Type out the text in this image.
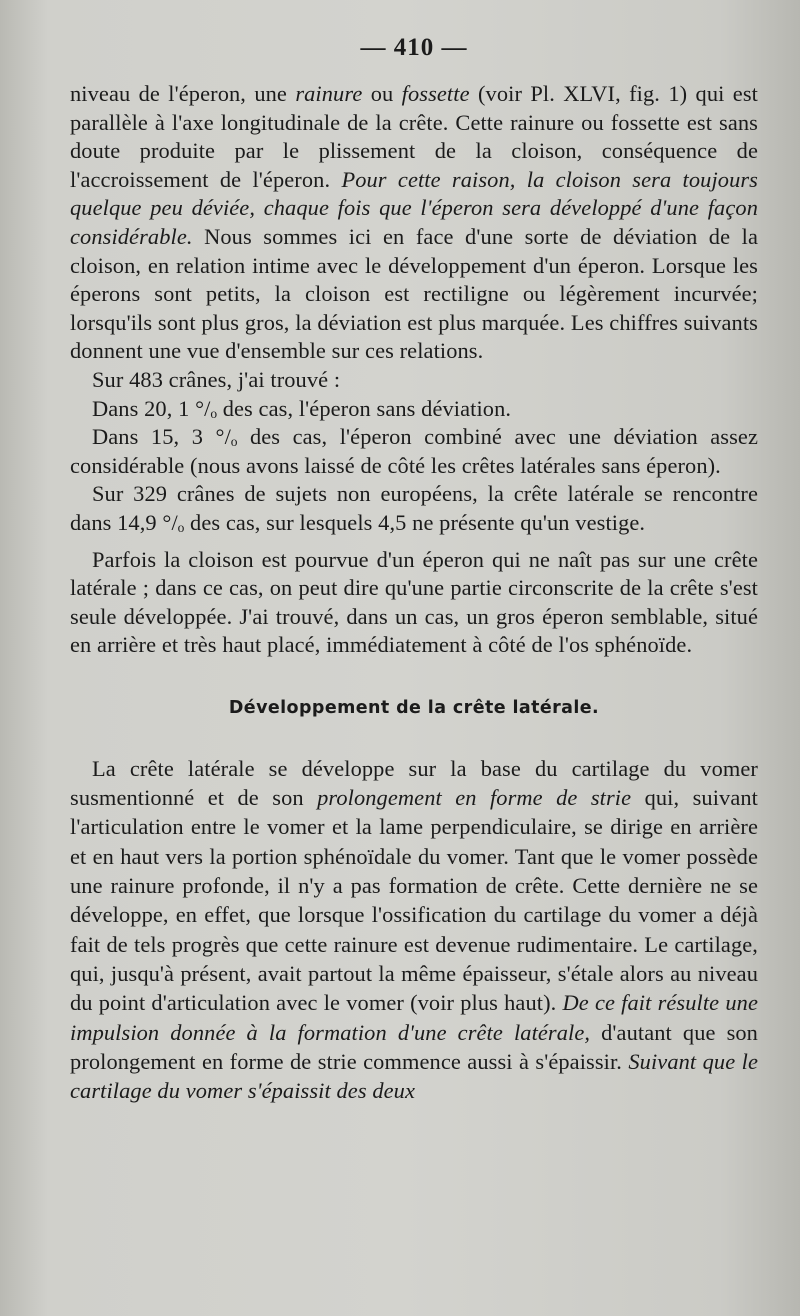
— 410 —

niveau de l'éperon, une rainure ou fossette (voir Pl. XLVI, fig. 1) qui est parallèle à l'axe longitudinale de la crête. Cette rainure ou fossette est sans doute produite par le plissement de la cloison, conséquence de l'accroissement de l'éperon. Pour cette raison, la cloison sera toujours quelque peu déviée, chaque fois que l'éperon sera développé d'une façon considérable. Nous sommes ici en face d'une sorte de déviation de la cloison, en relation intime avec le développement d'un éperon. Lorsque les éperons sont petits, la cloison est rectiligne ou légèrement incurvée; lorsqu'ils sont plus gros, la déviation est plus marquée. Les chiffres suivants donnent une vue d'ensemble sur ces relations.

Sur 483 crânes, j'ai trouvé :

Dans 20, 1 °/ₒ des cas, l'éperon sans déviation.

Dans 15, 3 °/ₒ des cas, l'éperon combiné avec une déviation assez considérable (nous avons laissé de côté les crêtes latérales sans éperon).

Sur 329 crânes de sujets non européens, la crête latérale se rencontre dans 14,9 °/ₒ des cas, sur lesquels 4,5 ne présente qu'un vestige.

Parfois la cloison est pourvue d'un éperon qui ne naît pas sur une crête latérale ; dans ce cas, on peut dire qu'une partie circonscrite de la crête s'est seule développée. J'ai trouvé, dans un cas, un gros éperon semblable, situé en arrière et très haut placé, immédiatement à côté de l'os sphénoïde.

Développement de la crête latérale.

La crête latérale se développe sur la base du cartilage du vomer susmentionné et de son prolongement en forme de strie qui, suivant l'articulation entre le vomer et la lame perpendiculaire, se dirige en arrière et en haut vers la portion sphénoïdale du vomer. Tant que le vomer possède une rainure profonde, il n'y a pas formation de crête. Cette dernière ne se développe, en effet, que lorsque l'ossification du cartilage du vomer a déjà fait de tels progrès que cette rainure est devenue rudimentaire. Le cartilage, qui, jusqu'à présent, avait partout la même épaisseur, s'étale alors au niveau du point d'articulation avec le vomer (voir plus haut). De ce fait résulte une impulsion donnée à la formation d'une crête latérale, d'autant que son prolongement en forme de strie commence aussi à s'épaissir. Suivant que le cartilage du vomer s'épaissit des deux
